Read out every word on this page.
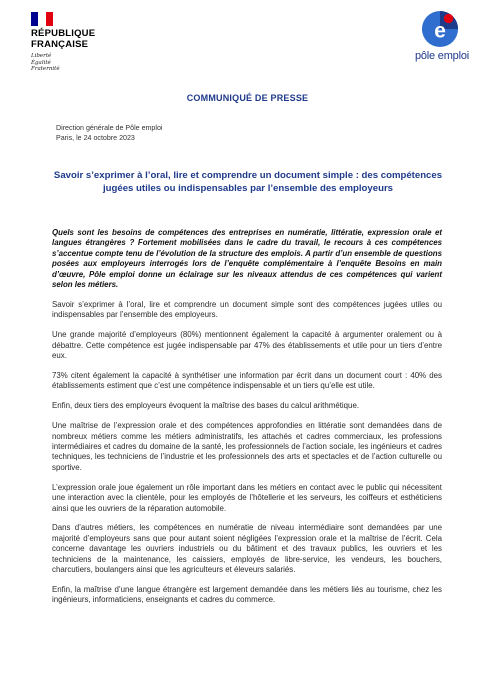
RÉPUBLIQUE
FRANÇAISE
Liberté
Égalité
Fraternité
e
pôle emploi
COMMUNIQUÉ DE PRESSE
Direction générale de Pôle emploi
Paris, le 24 octobre 2023
Savoir s’exprimer à l’oral, lire et comprendre un document simple : des compétences jugées utiles ou indispensables par l’ensemble des employeurs

Quels sont les besoins de compétences des entreprises en numératie, littératie, expression orale et langues étrangères ? Fortement mobilisées dans le cadre du travail, le recours à ces compétences s’accentue compte tenu de l’évolution de la structure des emplois. A partir d’un ensemble de questions posées aux employeurs interrogés lors de l’enquête complémentaire à l’enquête Besoins en main d’œuvre, Pôle emploi donne un éclairage sur les niveaux attendus de ces compétences qui varient selon les métiers.

Savoir s’exprimer à l’oral, lire et comprendre un document simple sont des compétences jugées utiles ou indispensables par l’ensemble des employeurs.

Une grande majorité d’employeurs (80%) mentionnent également la capacité à argumenter oralement ou à débattre. Cette compétence est jugée indispensable par 47% des établissements et utile pour un tiers d’entre eux.

73% citent également la capacité à synthétiser une information par écrit dans un document court : 40% des établissements estiment que c’est une compétence indispensable et un tiers qu’elle est utile.

Enfin, deux tiers des employeurs évoquent la maîtrise des bases du calcul arithmétique.

Une maîtrise de l’expression orale et des compétences approfondies en littératie sont demandées dans de nombreux métiers comme les métiers administratifs, les attachés et cadres commerciaux, les professions intermédiaires et cadres du domaine de la santé, les professionnels de l’action sociale, les ingénieurs et cadres techniques, les techniciens de l’industrie et les professionnels des arts et spectacles et de l’action culturelle ou sportive.

L’expression orale joue également un rôle important dans les métiers en contact avec le public qui nécessitent une interaction avec la clientèle, pour les employés de l’hôtellerie et les serveurs, les coiffeurs et esthéticiens ainsi que les ouvriers de la réparation automobile.

Dans d’autres métiers, les compétences en numératie de niveau intermédiaire sont demandées par une majorité d’employeurs sans que pour autant soient négligées l’expression orale et la maîtrise de l’écrit. Cela concerne davantage les ouvriers industriels ou du bâtiment et des travaux publics, les ouvriers et les techniciens de la maintenance, les caissiers, employés de libre-service, les vendeurs, les bouchers, charcutiers, boulangers ainsi que les agriculteurs et éleveurs salariés.

Enfin, la maîtrise d’une langue étrangère est largement demandée dans les métiers liés au tourisme, chez les ingénieurs, informaticiens, enseignants et cadres du commerce.
